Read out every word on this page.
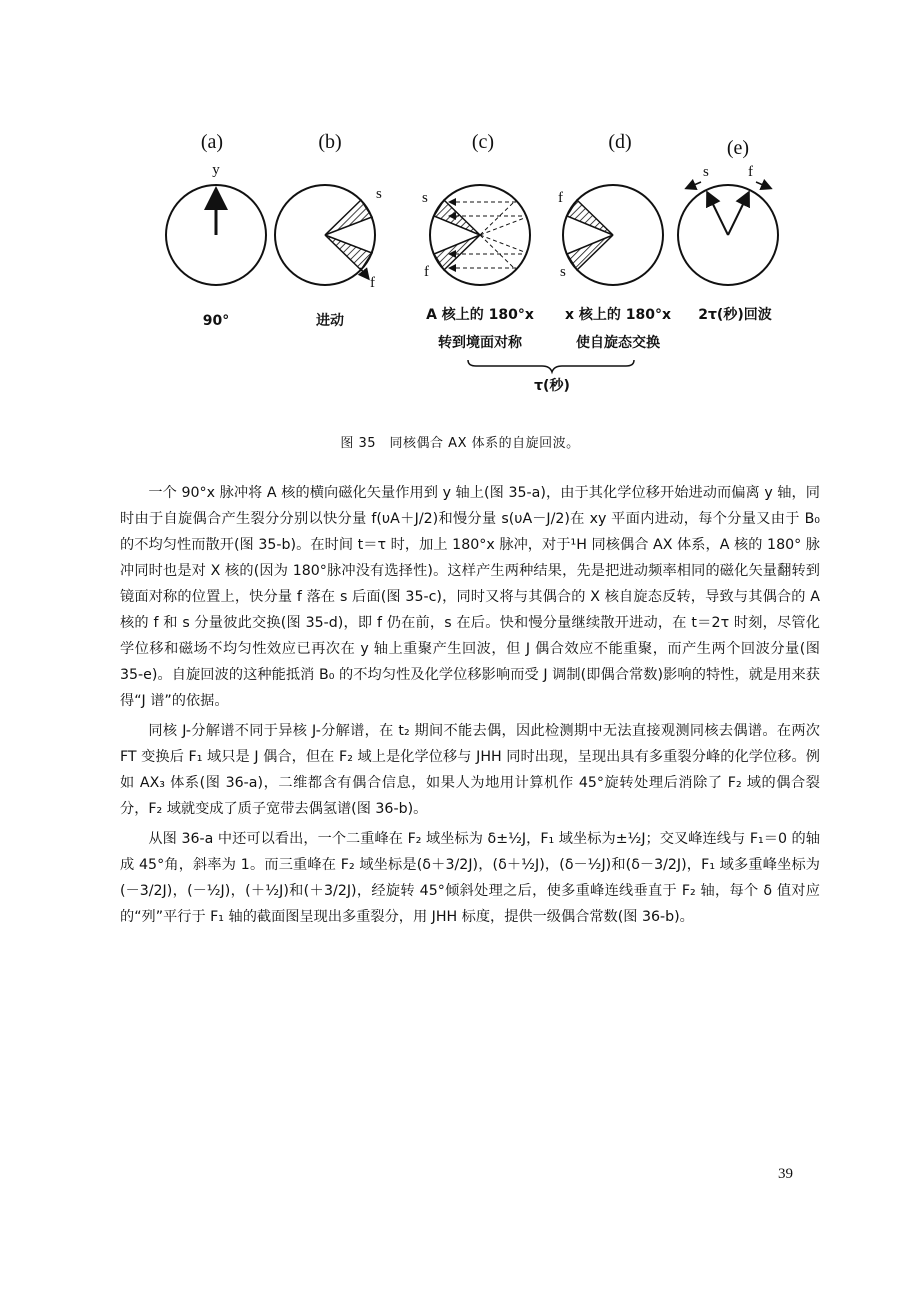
(a)
y
90°
(b)
s
f
进动
(c)
s
f
A 核上的 180°x
转到境面对称
(d)
f
s
x 核上的 180°x
使自旋态交换
(e)
s	f
2τ(秒)回波
τ(秒)
图 35　同核偶合 AX 体系的自旋回波。

一个 90°x 脉冲将 A 核的横向磁化矢量作用到 y 轴上(图 35-a)，由于其化学位移开始进动而偏离 y 轴，同时由于自旋偶合产生裂分分别以快分量 f(υA＋J/2)和慢分量 s(υA－J/2)在 xy 平面内进动，每个分量又由于 B₀ 的不均匀性而散开(图 35-b)。在时间 t＝τ 时，加上 180°x 脉冲，对于¹H 同核偶合 AX 体系，A 核的 180° 脉冲同时也是对 X 核的(因为 180°脉冲没有选择性)。这样产生两种结果，先是把进动频率相同的磁化矢量翻转到镜面对称的位置上，快分量 f 落在 s 后面(图 35-c)，同时又将与其偶合的 X 核自旋态反转，导致与其偶合的 A 核的 f 和 s 分量彼此交换(图 35-d)，即 f 仍在前，s 在后。快和慢分量继续散开进动，在 t＝2τ 时刻，尽管化学位移和磁场不均匀性效应已再次在 y 轴上重聚产生回波，但 J 偶合效应不能重聚，而产生两个回波分量(图 35-e)。自旋回波的这种能抵消 B₀ 的不均匀性及化学位移影响而受 J 调制(即偶合常数)影响的特性，就是用来获得“J 谱”的依据。

同核 J-分解谱不同于异核 J-分解谱，在 t₂ 期间不能去偶，因此检测期中无法直接观测同核去偶谱。在两次 FT 变换后 F₁ 域只是 J 偶合，但在 F₂ 域上是化学位移与 JHH 同时出现，呈现出具有多重裂分峰的化学位移。例如 AX₃ 体系(图 36-a)，二维都含有偶合信息，如果人为地用计算机作 45°旋转处理后消除了 F₂ 域的偶合裂分，F₂ 域就变成了质子宽带去偶氢谱(图 36-b)。

从图 36-a 中还可以看出，一个二重峰在 F₂ 域坐标为 δ±½J，F₁ 域坐标为±½J；交叉峰连线与 F₁＝0 的轴成 45°角，斜率为 1。而三重峰在 F₂ 域坐标是(δ＋3/2J)，(δ＋½J)，(δ－½J)和(δ－3/2J)，F₁ 域多重峰坐标为(－3/2J)，(－½J)，(＋½J)和(＋3/2J)，经旋转 45°倾斜处理之后，使多重峰连线垂直于 F₂ 轴，每个 δ 值对应的“列”平行于 F₁ 轴的截面图呈现出多重裂分，用 JHH 标度，提供一级偶合常数(图 36-b)。

39
